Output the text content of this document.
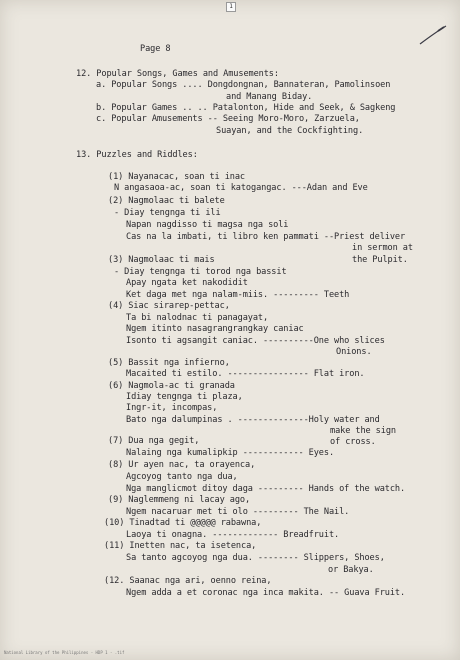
1
Page 8
12. Popular Songs, Games and Amusements:
a. Popular Songs .... Dongdongnan, Bannateran, Pamolinsoen
and Manang Biday.
b. Popular Games .. .. Patalonton, Hide and Seek, & Sagkeng
c. Popular Amusements -- Seeing Moro-Moro, Zarzuela,
Suayan, and the Cockfighting.
13. Puzzles and Riddles:
(1) Nayanacac, soan ti inac
N angasaoa-ac, soan ti katogangac. ---Adan and Eve
(2) Nagmolaac ti balete
- Diay tengnga ti ili
Napan nagdisso ti magsa nga soli
Cas na la imbati, ti libro ken pammati --Priest deliver
in sermon at
the Pulpit.
(3) Nagmolaac ti mais
- Diay tengnga ti torod nga bassit
Apay ngata ket nakodidit
Ket daga met nga nalam-miis. --------- Teeth
(4) Siac sirarep-pettac,
Ta bi nalodnac ti panagayat,
Ngem itinto nasagrangrangkay caniac
Isonto ti agsangit caniac. ----------One who slices
Onions.
(5) Bassit nga infierno,
Macaited ti estilo. ---------------- Flat iron.
(6) Nagmola-ac ti granada
Idiay tengnga ti plaza,
Ingr-it, incompas,
Bato nga dalumpinas . --------------Holy water and
make the sign
of cross.
(7) Dua nga gegit,
Nalaing nga kumalipkip ------------ Eyes.
(8) Ur ayen nac, ta orayenca,
Agcoyog tanto nga dua,
Nga manglicmot ditoy daga --------- Hands of the watch.
(9) Naglemmeng ni lacay ago,
Ngem nacaruar met ti olo --------- The Nail.
(10) Tinadtad ti @@@@@ rabawna,
Laoya ti onagna. ------------- Breadfruit.
(11) Inetten nac, ta isetenca,
Sa tanto agcoyog nga dua. -------- Slippers, Shoes,
or Bakya.
(12. Saanac nga ari, oenno reina,
Ngem adda a et coronac nga inca makita. -- Guava Fruit.
National Library of the Philippines - HDP 1 - .tif
